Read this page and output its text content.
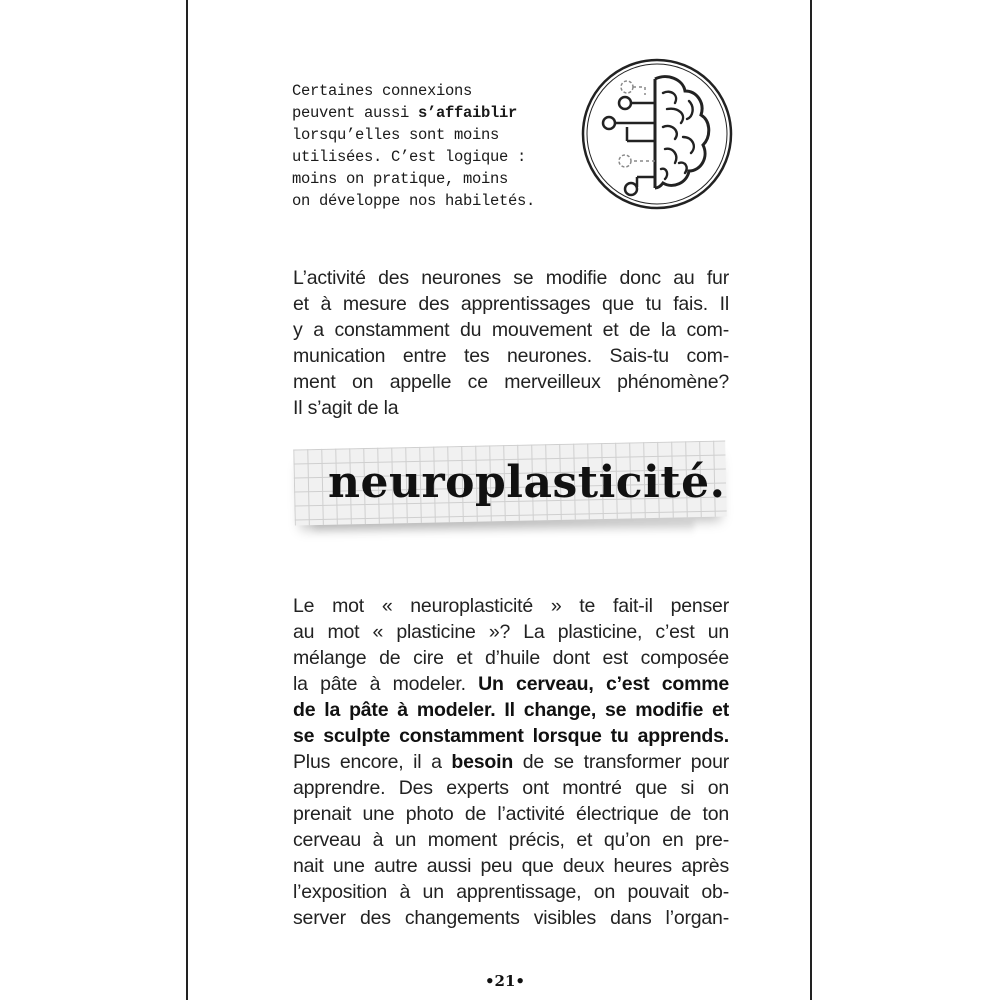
Certaines connexions
peuvent aussi s’affaiblir
lorsqu’elles sont moins
utilisées. C’est logique :
moins on pratique, moins
on développe nos habiletés.
L’activité des neurones se modifie donc au fur
et à mesure des apprentissages que tu fais. Il
y a constamment du mouvement et de la com-
munication entre tes neurones. Sais-tu com-
ment on appelle ce merveilleux phénomène?
Il s’agit de la
neuroplasticité.
Le mot « neuroplasticité » te fait-il penser
au mot « plasticine »? La plasticine, c’est un
mélange de cire et d’huile dont est composée
la pâte à modeler. Un cerveau, c’est comme
de la pâte à modeler. Il change, se modifie et
se sculpte constamment lorsque tu apprends.
Plus encore, il a besoin de se transformer pour
apprendre. Des experts ont montré que si on
prenait une photo de l’activité électrique de ton
cerveau à un moment précis, et qu’on en pre-
nait une autre aussi peu que deux heures après
l’exposition à un apprentissage, on pouvait ob-
server des changements visibles dans l’organ-
•21•
